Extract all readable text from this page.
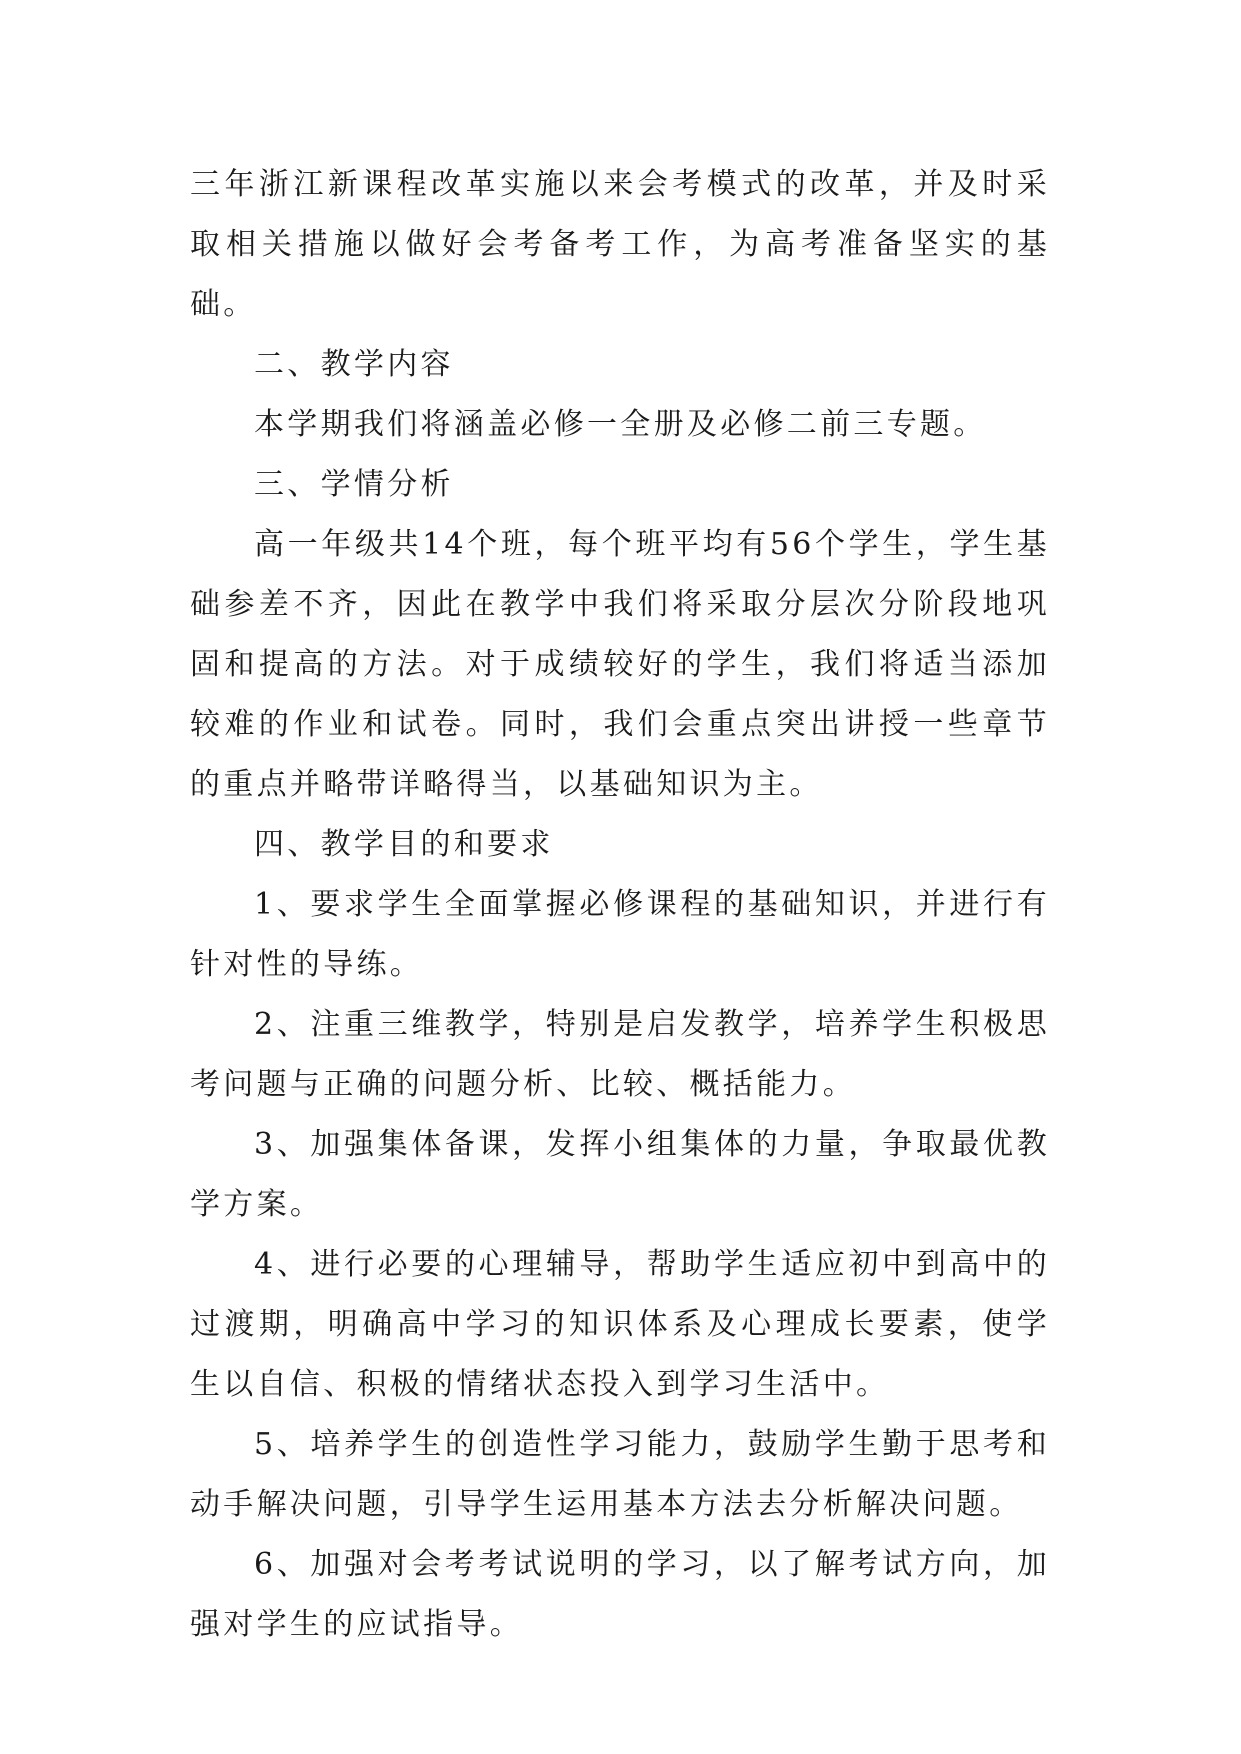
三年浙江新课程改革实施以来会考模式的改革，并及时采取相关措施以做好会考备考工作，为高考准备坚实的基础。

二、教学内容

本学期我们将涵盖必修一全册及必修二前三专题。

三、学情分析

高一年级共14个班，每个班平均有56个学生，学生基础参差不齐，因此在教学中我们将采取分层次分阶段地巩固和提高的方法。对于成绩较好的学生，我们将适当添加较难的作业和试卷。同时，我们会重点突出讲授一些章节的重点并略带详略得当，以基础知识为主。

四、教学目的和要求

1、要求学生全面掌握必修课程的基础知识，并进行有针对性的导练。

2、注重三维教学，特别是启发教学，培养学生积极思考问题与正确的问题分析、比较、概括能力。

3、加强集体备课，发挥小组集体的力量，争取最优教学方案。

4、进行必要的心理辅导，帮助学生适应初中到高中的过渡期，明确高中学习的知识体系及心理成长要素，使学生以自信、积极的情绪状态投入到学习生活中。

5、培养学生的创造性学习能力，鼓励学生勤于思考和动手解决问题，引导学生运用基本方法去分析解决问题。

6、加强对会考考试说明的学习，以了解考试方向，加强对学生的应试指导。
